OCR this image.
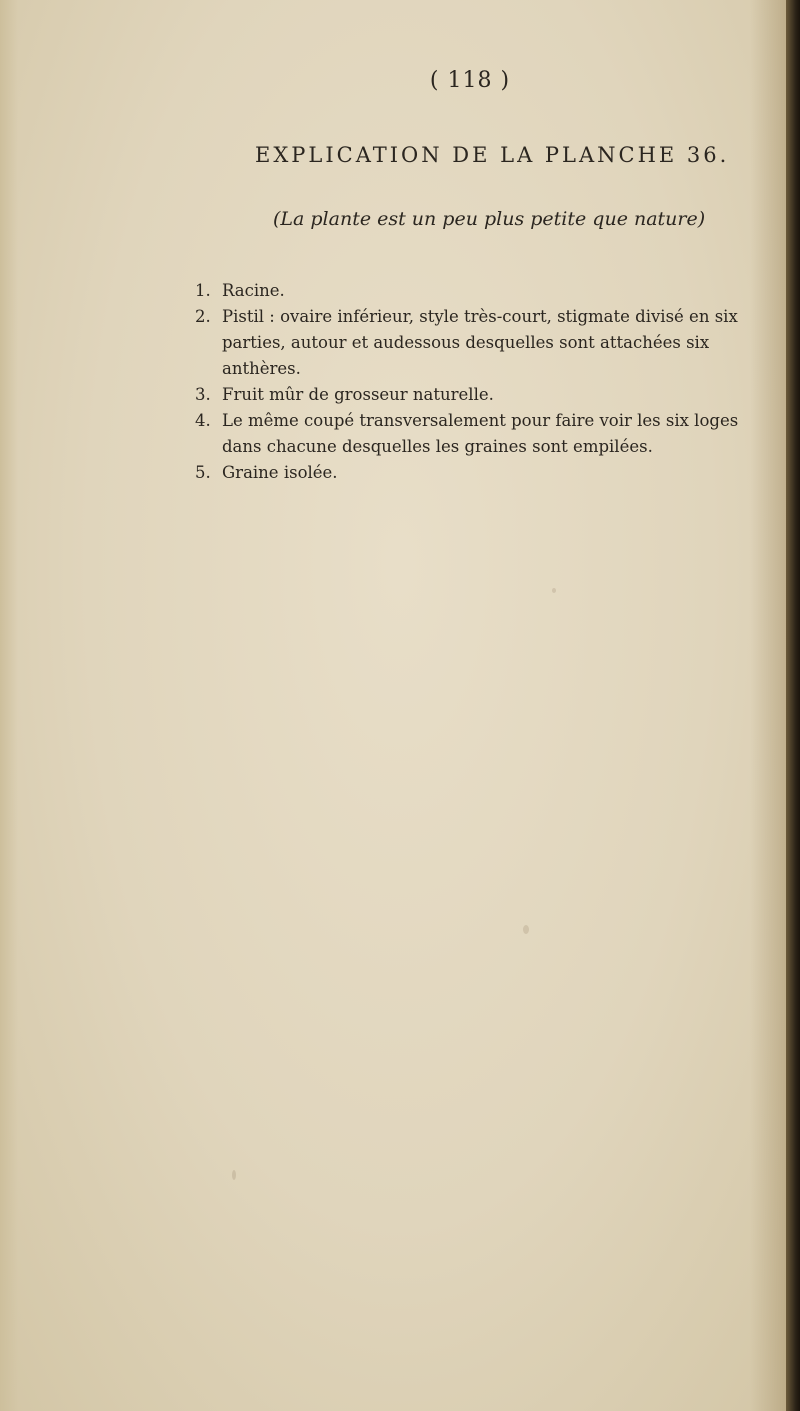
( 118 )
EXPLICATION DE LA PLANCHE 36.
(La plante est un peu plus petite que nature)
1. Racine.
2. Pistil : ovaire inférieur, style très-court, stigmate divisé en six parties, autour et audessous desquelles sont attachées six anthères.
3. Fruit mûr de grosseur naturelle.
4. Le même coupé transversalement pour faire voir les six loges dans chacune desquelles les graines sont empilées.
5. Graine isolée.
